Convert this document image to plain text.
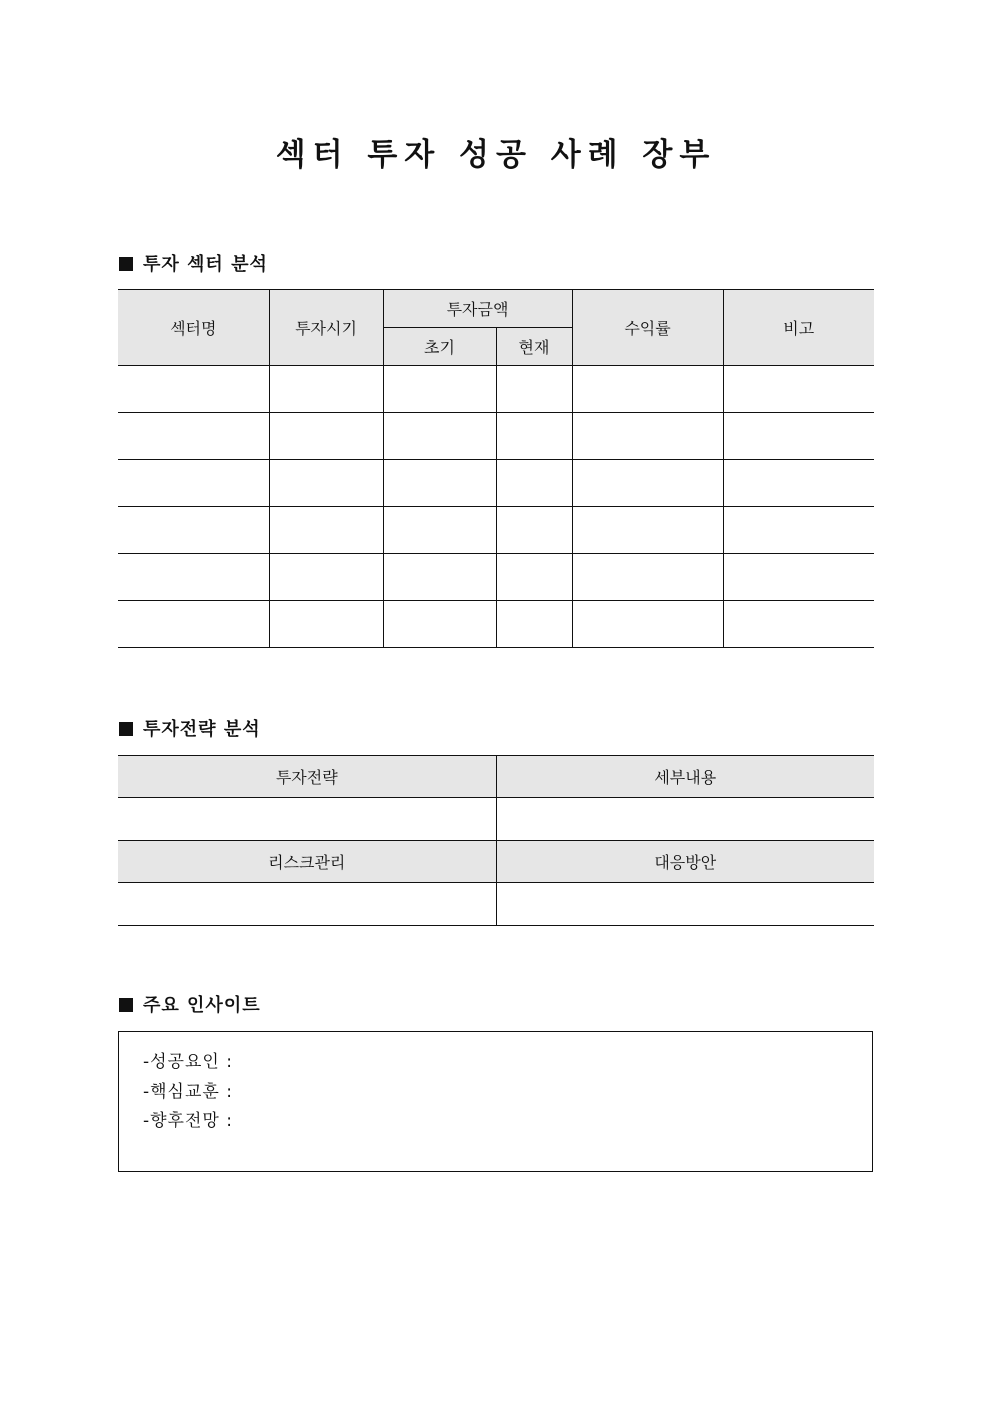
섹터 투자 성공 사례 장부
투자 섹터 분석
섹터명	투자시기	투자금액		수익률	비고
		초기	현재		

투자전략 분석
투자전략	세부내용

리스크관리	대응방안

주요 인사이트
-성공요인 :
-핵심교훈 :
-향후전망 :
